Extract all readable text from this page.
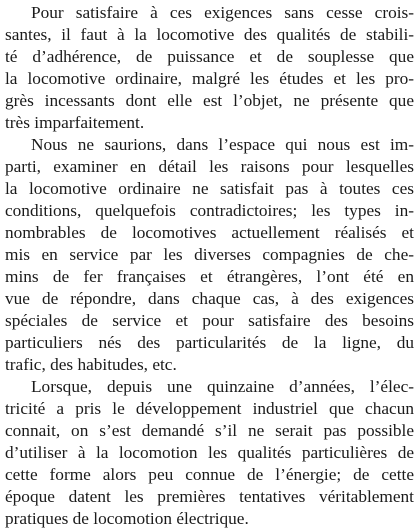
Pour satisfaire à ces exigences sans cesse crois-
santes, il faut à la locomotive des qualités de stabili-
té d’adhérence, de puissance et de souplesse que
la locomotive ordinaire, malgré les études et les pro-
grès incessants dont elle est l’objet, ne présente que
très imparfaitement.
Nous ne saurions, dans l’espace qui nous est im-
parti, examiner en détail les raisons pour lesquelles
la locomotive ordinaire ne satisfait pas à toutes ces
conditions, quelquefois contradictoires; les types in-
nombrables de locomotives actuellement réalisés et
mis en service par les diverses compagnies de che-
mins de fer françaises et étrangères, l’ont été en
vue de répondre, dans chaque cas, à des exigences
spéciales de service et pour satisfaire des besoins
particuliers nés des particularités de la ligne, du
trafic, des habitudes, etc.
Lorsque, depuis une quinzaine d’années, l’élec-
tricité a pris le développement industriel que chacun
connait, on s’est demandé s’il ne serait pas possible
d’utiliser à la locomotion les qualités particulières de
cette forme alors peu connue de l’énergie; de cette
époque datent les premières tentatives véritablement
pratiques de locomotion électrique.
